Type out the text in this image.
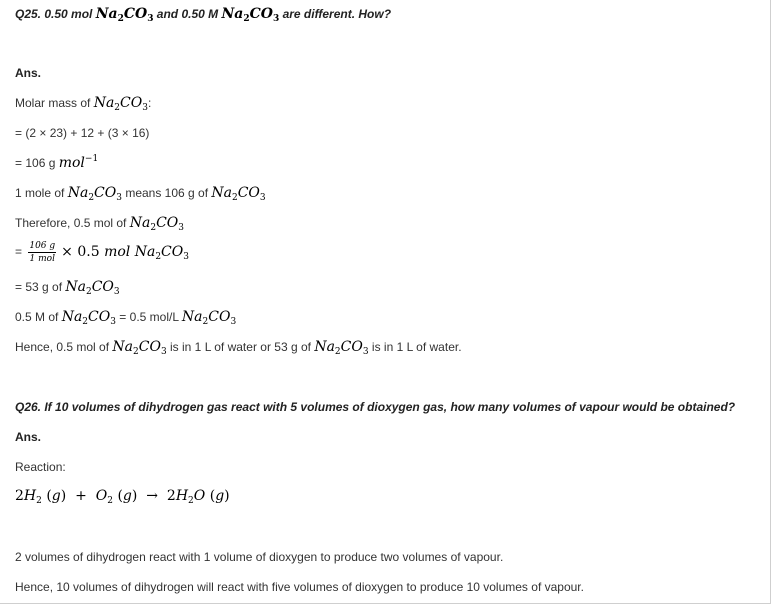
Q25. 0.50 mol $Na_2CO_3$ and 0.50 M $Na_2CO_3$ are different. How?
Ans.
Molar mass of $Na_2CO_3$:
= (2 × 23) + 12 + (3 × 16)
= 106 g mol$^{-1}$
1 mole of $Na_2CO_3$ means 106 g of $Na_2CO_3$
Therefore, 0.5 mol of $Na_2CO_3$
= $\frac{106 g}{\text{1 mol}} \times 0.5$ mol $Na_2CO_3$
= 53 g of $Na_2CO_3$
0.5 M of $Na_2CO_3 = 0.5$ mol/L $Na_2CO_3$
Hence, 0.5 mol of $Na_2CO_3$ is in 1 L of water or 53 g of $Na_2CO_3$ is in 1 L of water.
Q26. If 10 volumes of dihydrogen gas react with 5 volumes of dioxygen gas, how many volumes of vapour would be obtained?
Ans.
Reaction:
$2H_2$ $(g) + O_2$ $(g) \to 2H_2O$ (g)
2 volumes of dihydrogen react with 1 volume of dioxygen to produce two volumes of vapour.
Hence, 10 volumes of dihydrogen will react with five volumes of dioxygen to produce 10 volumes of vapour.
